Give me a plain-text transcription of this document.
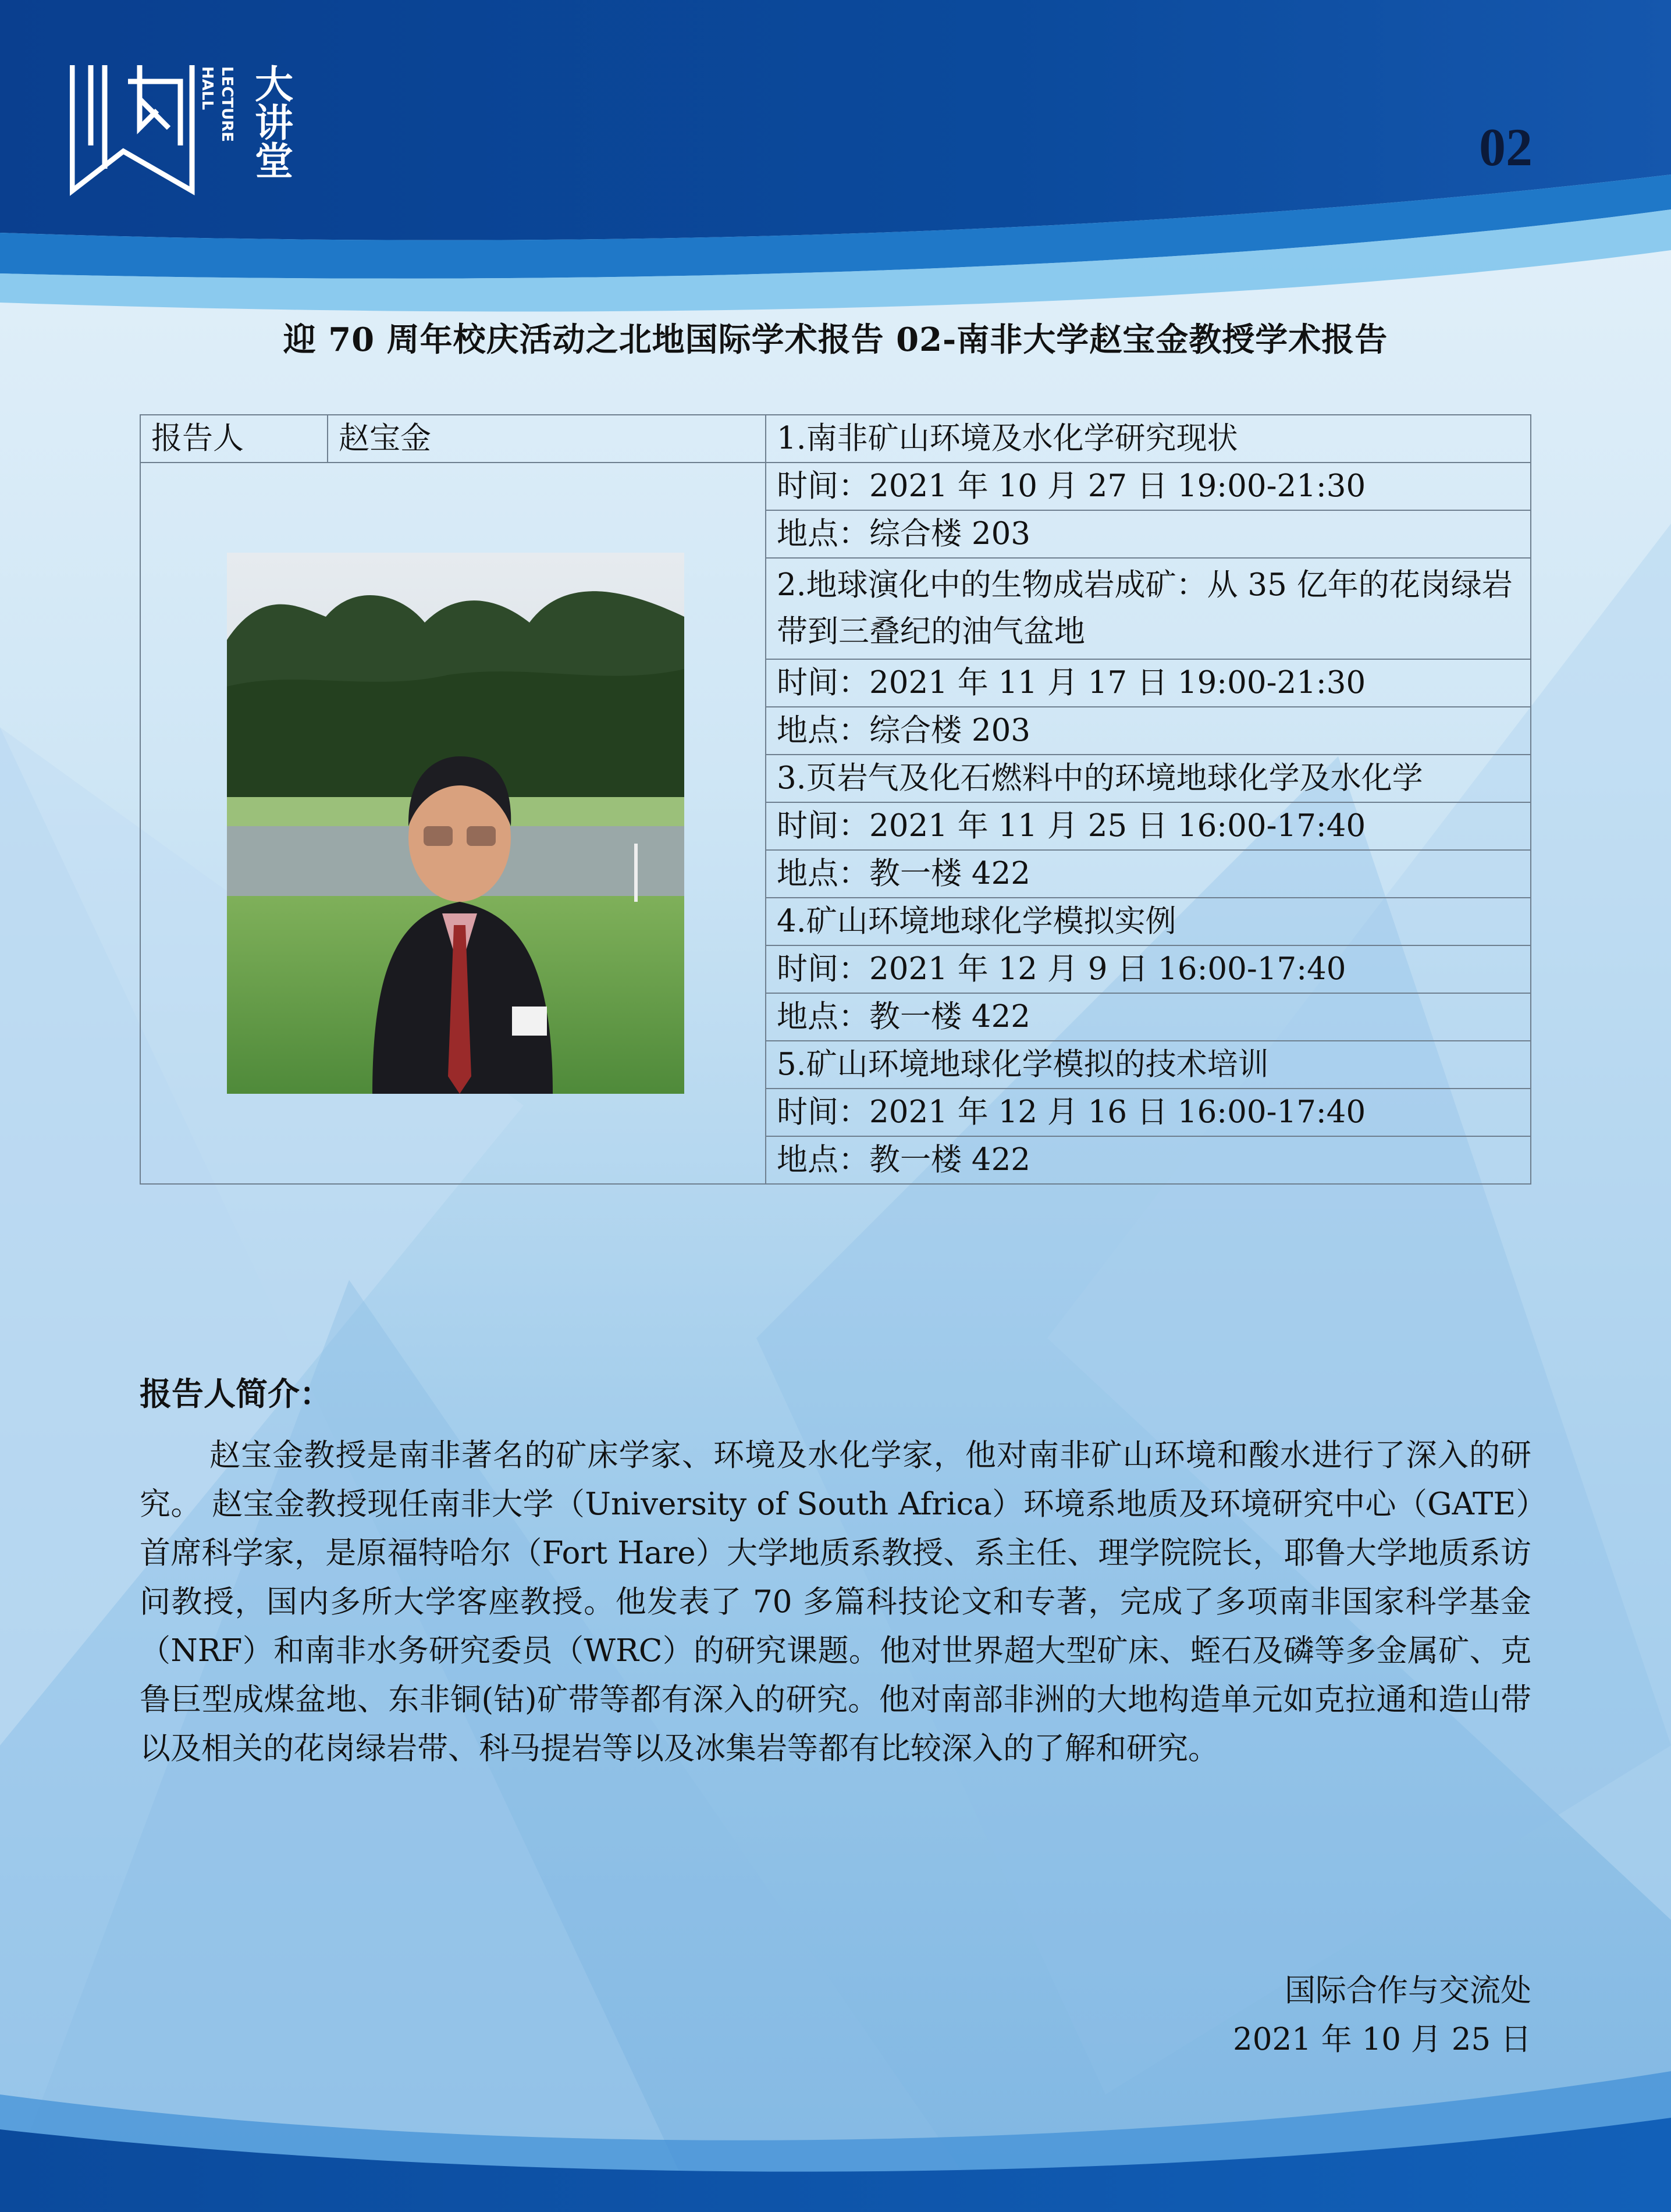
LECTURE
HALL 大讲堂	02
迎 70 周年校庆活动之北地国际学术报告 02-南非大学赵宝金教授学术报告
报告人	赵宝金	1.南非矿山环境及水化学研究现状

	时间：2021 年 10 月 27 日 19:00-21:30
		地点：综合楼 203
		2.地球演化中的生物成岩成矿：从 35 亿年的花岗绿岩带到三叠纪的油气盆地
		时间：2021 年 11 月 17 日 19:00-21:30
		地点：综合楼 203
		3.页岩气及化石燃料中的环境地球化学及水化学
		时间：2021 年 11 月 25 日 16:00-17:40
		地点：教一楼 422
		4.矿山环境地球化学模拟实例
		时间：2021 年 12 月 9 日 16:00-17:40
		地点：教一楼 422
		5.矿山环境地球化学模拟的技术培训
		时间：2021 年 12 月 16 日 16:00-17:40
		地点：教一楼 422
报告人简介：

赵宝金教授是南非著名的矿床学家、环境及水化学家，他对南非矿山环境和酸水进行了深入的研究。 赵宝金教授现任南非大学（University of South Africa）环境系地质及环境研究中心（GATE）首席科学家，是原福特哈尔（Fort Hare）大学地质系教授、系主任、理学院院长，耶鲁大学地质系访问教授，国内多所大学客座教授。他发表了 70 多篇科技论文和专著，完成了多项南非国家科学基金（NRF）和南非水务研究委员（WRC）的研究课题。他对世界超大型矿床、蛭石及磷等多金属矿、克鲁巨型成煤盆地、东非铜(钴)矿带等都有深入的研究。他对南部非洲的大地构造单元如克拉通和造山带以及相关的花岗绿岩带、科马提岩等以及冰集岩等都有比较深入的了解和研究。

国际合作与交流处
2021 年 10 月 25 日
